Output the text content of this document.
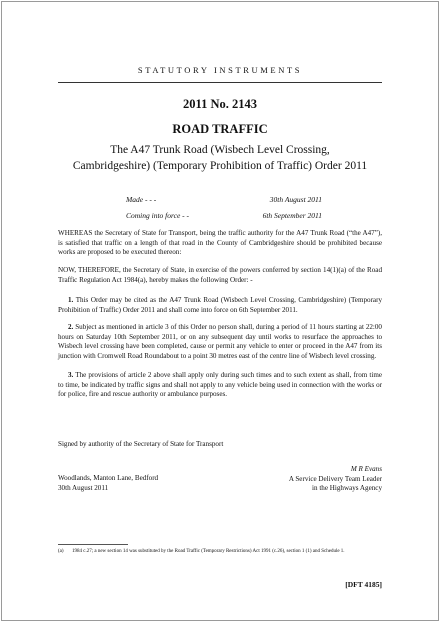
STATUTORY INSTRUMENTS
2011 No. 2143
ROAD TRAFFIC
The A47 Trunk Road (Wisbech Level Crossing,
Cambridgeshire) (Temporary Prohibition of Traffic) Order 2011
Made - - -	30th August 2011
Coming into force - -	6th September 2011
WHEREAS the Secretary of State for Transport, being the traffic authority for the A47 Trunk Road (“the A47”), is satisfied that traffic on a length of that road in the County of Cambridgeshire should be prohibited because works are proposed to be executed thereon:
NOW, THEREFORE, the Secretary of State, in exercise of the powers conferred by section 14(1)(a) of the Road Traffic Regulation Act 1984(a), hereby makes the following Order: -
1. This Order may be cited as the A47 Trunk Road (Wisbech Level Crossing, Cambridgeshire) (Temporary Prohibition of Traffic) Order 2011 and shall come into force on 6th September 2011.
2. Subject as mentioned in article 3 of this Order no person shall, during a period of 11 hours starting at 22:00 hours on Saturday 10th September 2011, or on any subsequent day until works to resurface the approaches to Wisbech level crossing have been completed, cause or permit any vehicle to enter or proceed in the A47 from its junction with Cromwell Road Roundabout to a point 30 metres east of the centre line of Wisbech level crossing.
3. The provisions of article 2 above shall apply only during such times and to such extent as shall, from time to time, be indicated by traffic signs and shall not apply to any vehicle being used in connection with the works or for police, fire and rescue authority or ambulance purposes.
Signed by authority of the Secretary of State for Transport
Woodlands, Manton Lane, Bedford
30th August 2011
M R Evans
A Service Delivery Team Leader
in the Highways Agency
(a) 1984 c.27; a new section 14 was substituted by the Road Traffic (Temporary Restrictions) Act 1991 (c.26), section 1 (1) and Schedule 1.
[DFT 4185]
